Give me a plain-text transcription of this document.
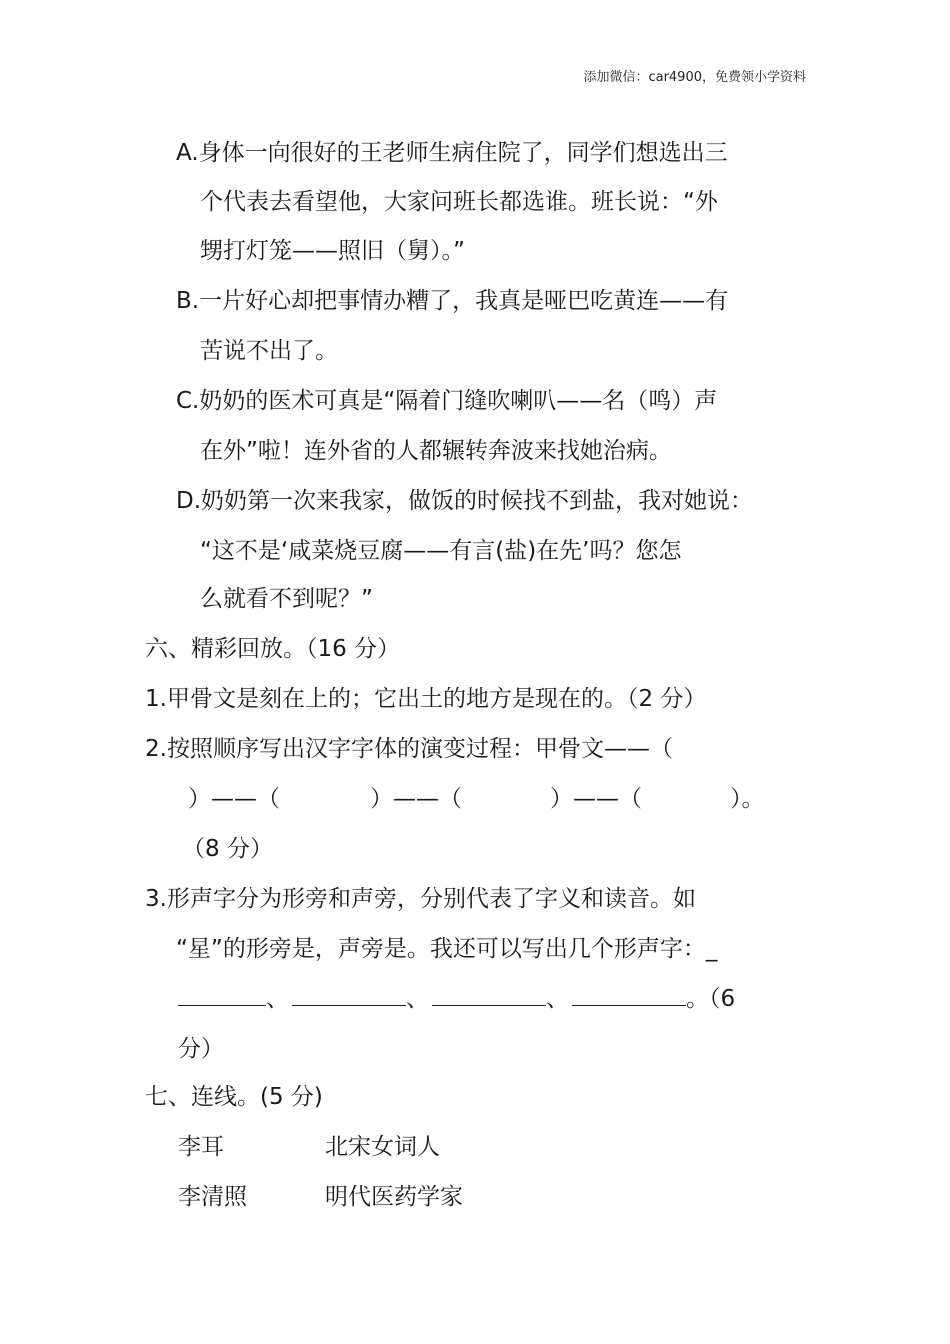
添加微信：car4900，免费领小学资料
A.身体一向很好的王老师生病住院了，同学们想选出三
个代表去看望他，大家问班长都选谁。班长说：“外
甥打灯笼——照旧（舅）。”
B.一片好心却把事情办糟了，我真是哑巴吃黄连——有
苦说不出了。
C.奶奶的医术可真是“隔着门缝吹喇叭——名（鸣）声
在外”啦！连外省的人都辗转奔波来找她治病。
D.奶奶第一次来我家，做饭的时候找不到盐，我对她说：
“这不是‘咸菜烧豆腐——有言(盐)在先’吗？您怎
么就看不到呢？”
六、精彩回放。（16 分）
1.甲骨文是刻在上的；它出土的地方是现在的。（2 分）
2.按照顺序写出汉字字体的演变过程：甲骨文——（
）——（	）——（	）——（	）。
（8 分）
3.形声字分为形旁和声旁，分别代表了字义和读音。如
“星”的形旁是，声旁是。我还可以写出几个形声字：_
、	、	、	。（6
分）
七、连线。(5 分)
李耳	北宋女词人
李清照	明代医药学家
